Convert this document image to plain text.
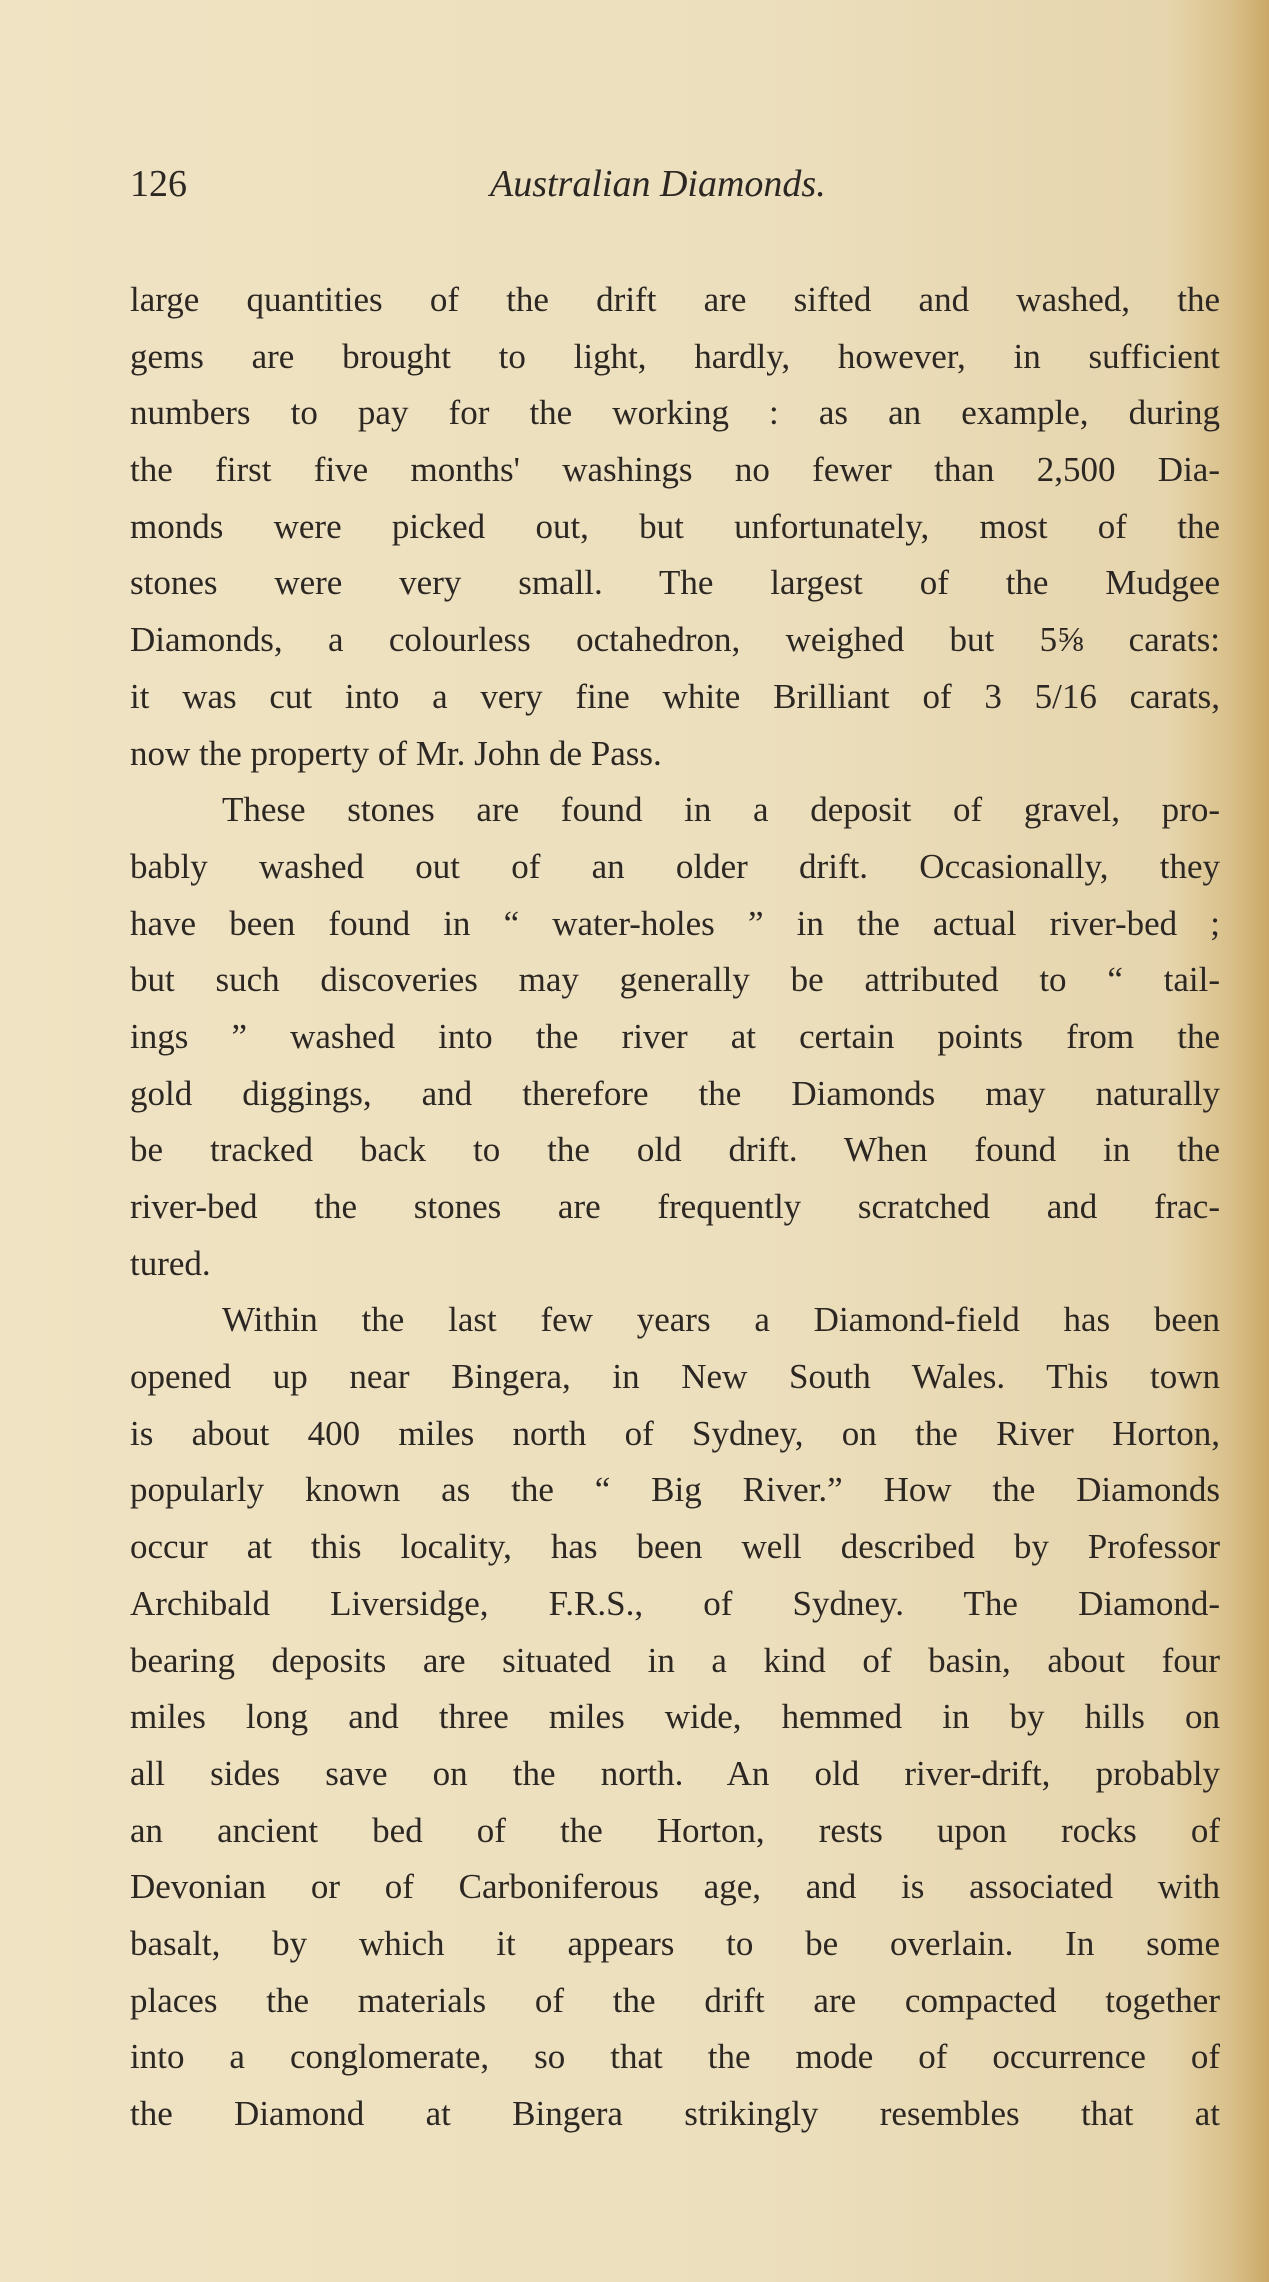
126	Australian Diamonds.
large quantities of the drift are sifted and washed, the
gems are brought to light, hardly, however, in sufficient
numbers to pay for the working : as an example, during
the first five months' washings no fewer than 2,500 Dia-
monds were picked out, but unfortunately, most of the
stones were very small. The largest of the Mudgee
Diamonds, a colourless octahedron, weighed but 5⅝ carats:
it was cut into a very fine white Brilliant of 3 5/16 carats,
now the property of Mr. John de Pass.
These stones are found in a deposit of gravel, pro-
bably washed out of an older drift. Occasionally, they
have been found in “ water-holes ” in the actual river-bed ;
but such discoveries may generally be attributed to “ tail-
ings ” washed into the river at certain points from the
gold diggings, and therefore the Diamonds may naturally
be tracked back to the old drift. When found in the
river-bed the stones are frequently scratched and frac-
tured.
Within the last few years a Diamond-field has been
opened up near Bingera, in New South Wales. This town
is about 400 miles north of Sydney, on the River Horton,
popularly known as the “ Big River.” How the Diamonds
occur at this locality, has been well described by Professor
Archibald Liversidge, F.R.S., of Sydney. The Diamond-
bearing deposits are situated in a kind of basin, about four
miles long and three miles wide, hemmed in by hills on
all sides save on the north. An old river-drift, probably
an ancient bed of the Horton, rests upon rocks of
Devonian or of Carboniferous age, and is associated with
basalt, by which it appears to be overlain. In some
places the materials of the drift are compacted together
into a conglomerate, so that the mode of occurrence of
the Diamond at Bingera strikingly resembles that at
